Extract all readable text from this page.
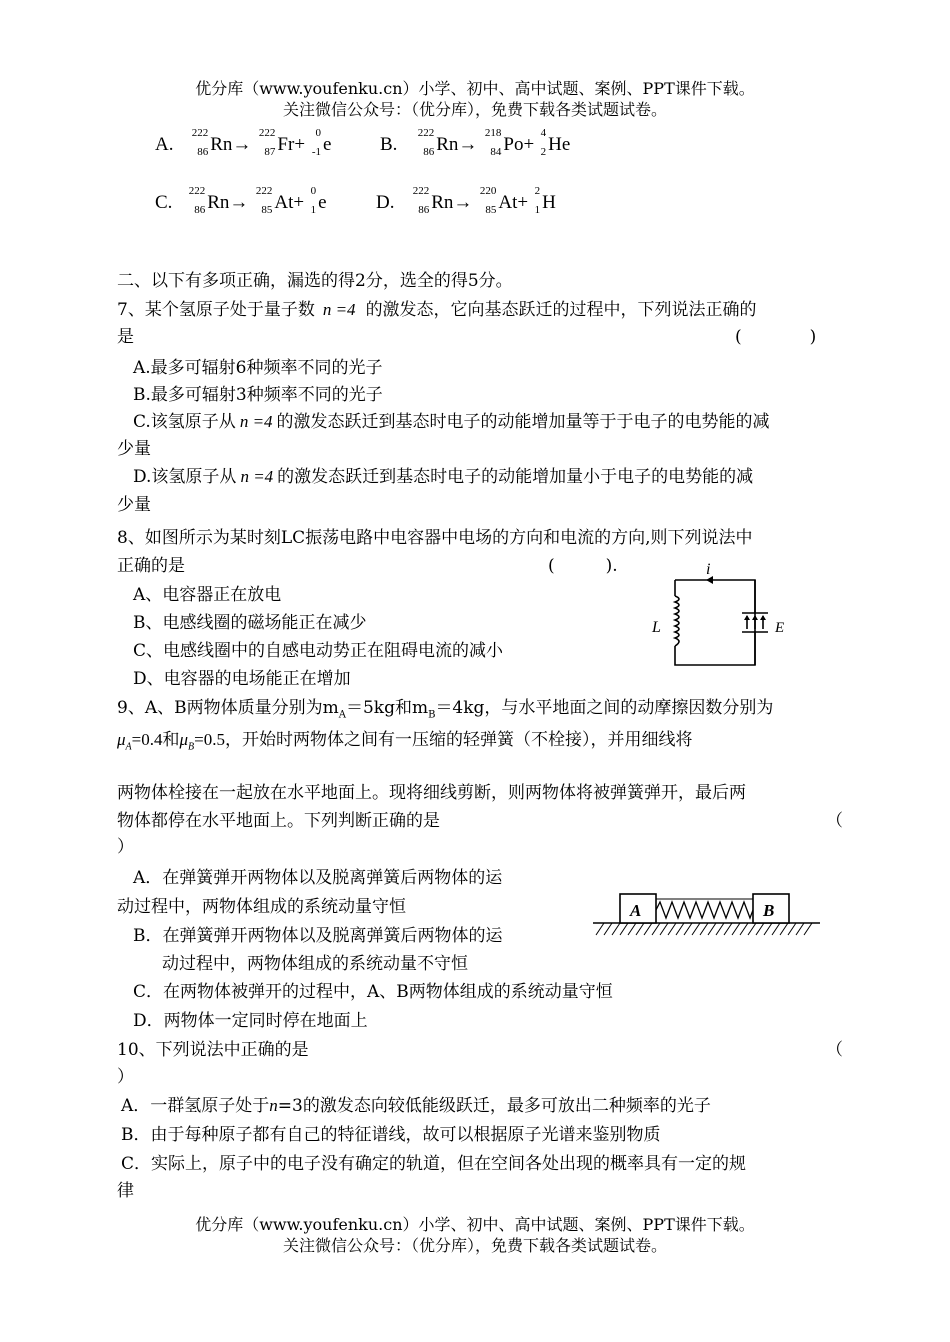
优分库（www.youfenku.cn）小学、初中、高中试题、案例、PPT课件下载。
关注微信公众号：（优分库），免费下载各类试题试卷。
A.
222
86 Rn→
222
87 Fr+
0
-1 e	B.
222
86 Rn→
218
84 Po+
4
2 He
C.
222
86 Rn→
222
85 At+
0
1 e	D.
222
86 Rn→
220
85 At+
2
1 H
二、以下有多项正确，漏选的得2分，选全的得5分。
7、某个氢原子处于量子数 n =4 的激发态，它向基态跃迁的过程中，下列说法正确的
是	(　　　　)
A.最多可辐射6种频率不同的光子
B.最多可辐射3种频率不同的光子
C.该氢原子从 n =4 的激发态跃迁到基态时电子的动能增加量等于于电子的电势能的减
少量
D.该氢原子从 n =4 的激发态跃迁到基态时电子的动能增加量小于电子的电势能的减
少量
8、如图所示为某时刻LC振荡电路中电容器中电场的方向和电流的方向,则下列说法中
正确的是	(　　　).
A、电容器正在放电
B、电感线圈的磁场能正在减少
C、电感线圈中的自感电动势正在阻碍电流的减小
D、电容器的电场能正在增加
i
L	E
9、A、B两物体质量分别为$m_A=5kg$和$m_B=4kg$，与水平地面之间的动摩擦因数分别为
$\mu_A=0.4$和$\mu_B=0.5$，开始时两物体之间有一压缩的轻弹簧（不栓接），并用细线将
两物体栓接在一起放在水平地面上。现将细线剪断，则两物体将被弹簧弹开，最后两
物体都停在水平地面上。下列判断正确的是	（
）
A．在弹簧弹开两物体以及脱离弹簧后两物体的运
动过程中，两物体组成的系统动量守恒
B．在弹簧弹开两物体以及脱离弹簧后两物体的运
动过程中，两物体组成的系统动量不守恒
C．在两物体被弹开的过程中，A、B两物体组成的系统动量守恒
D．两物体一定同时停在地面上
A	B
10、下列说法中正确的是	（
）
A．一群氢原子处于n=3的激发态向较低能级跃迁，最多可放出二种频率的光子
B．由于每种原子都有自己的特征谱线，故可以根据原子光谱来鉴别物质
C．实际上，原子中的电子没有确定的轨道，但在空间各处出现的概率具有一定的规
律
优分库（www.youfenku.cn）小学、初中、高中试题、案例、PPT课件下载。
关注微信公众号：（优分库），免费下载各类试题试卷。
